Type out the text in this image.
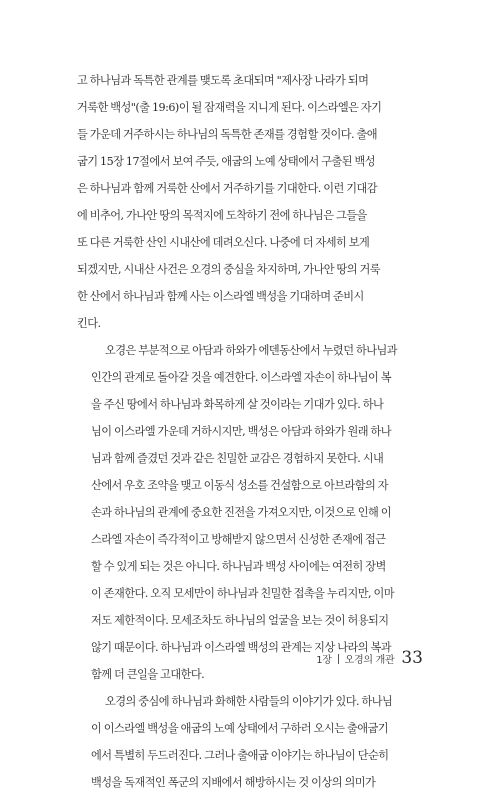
고 하나님과 독특한 관계를 맺도록 초대되며 "제사장 나라가 되며
거룩한 백성"(출 19:6)이 될 잠재력을 지니게 된다. 이스라엘은 자기
들 가운데 거주하시는 하나님의 독특한 존재를 경험할 것이다. 출애
굽기 15장 17절에서 보여 주듯, 애굽의 노예 상태에서 구출된 백성
은 하나님과 함께 거룩한 산에서 거주하기를 기대한다. 이런 기대감
에 비추어, 가나안 땅의 목적지에 도착하기 전에 하나님은 그들을
또 다른 거룩한 산인 시내산에 데려오신다. 나중에 더 자세히 보게
되겠지만, 시내산 사건은 오경의 중심을 차지하며, 가나안 땅의 거룩
한 산에서 하나님과 함께 사는 이스라엘 백성을 기대하며 준비시
킨다.

오경은 부분적으로 아담과 하와가 에덴동산에서 누렸던 하나님과
인간의 관계로 돌아갈 것을 예견한다. 이스라엘 자손이 하나님이 복
을 주신 땅에서 하나님과 화목하게 살 것이라는 기대가 있다. 하나
님이 이스라엘 가운데 거하시지만, 백성은 아담과 하와가 원래 하나
님과 함께 즐겼던 것과 같은 친밀한 교감은 경험하지 못한다. 시내
산에서 우호 조약을 맺고 이동식 성소를 건설함으로 아브라함의 자
손과 하나님의 관계에 중요한 진전을 가져오지만, 이것으로 인해 이
스라엘 자손이 즉각적이고 방해받지 않으면서 신성한 존재에 접근
할 수 있게 되는 것은 아니다. 하나님과 백성 사이에는 여전히 장벽
이 존재한다. 오직 모세만이 하나님과 친밀한 접촉을 누리지만, 이마
저도 제한적이다. 모세조차도 하나님의 얼굴을 보는 것이 허용되지
않기 때문이다. 하나님과 이스라엘 백성의 관계는 지상 나라의 복과
함께 더 큰일을 고대한다.

오경의 중심에 하나님과 화해한 사람들의 이야기가 있다. 하나님
이 이스라엘 백성을 애굽의 노예 상태에서 구하러 오시는 출애굽기
에서 특별히 두드러진다. 그러나 출애굽 이야기는 하나님이 단순히
백성을 독재적인 폭군의 지배에서 해방하시는 것 이상의 의미가

1장 오경의 개관 33
